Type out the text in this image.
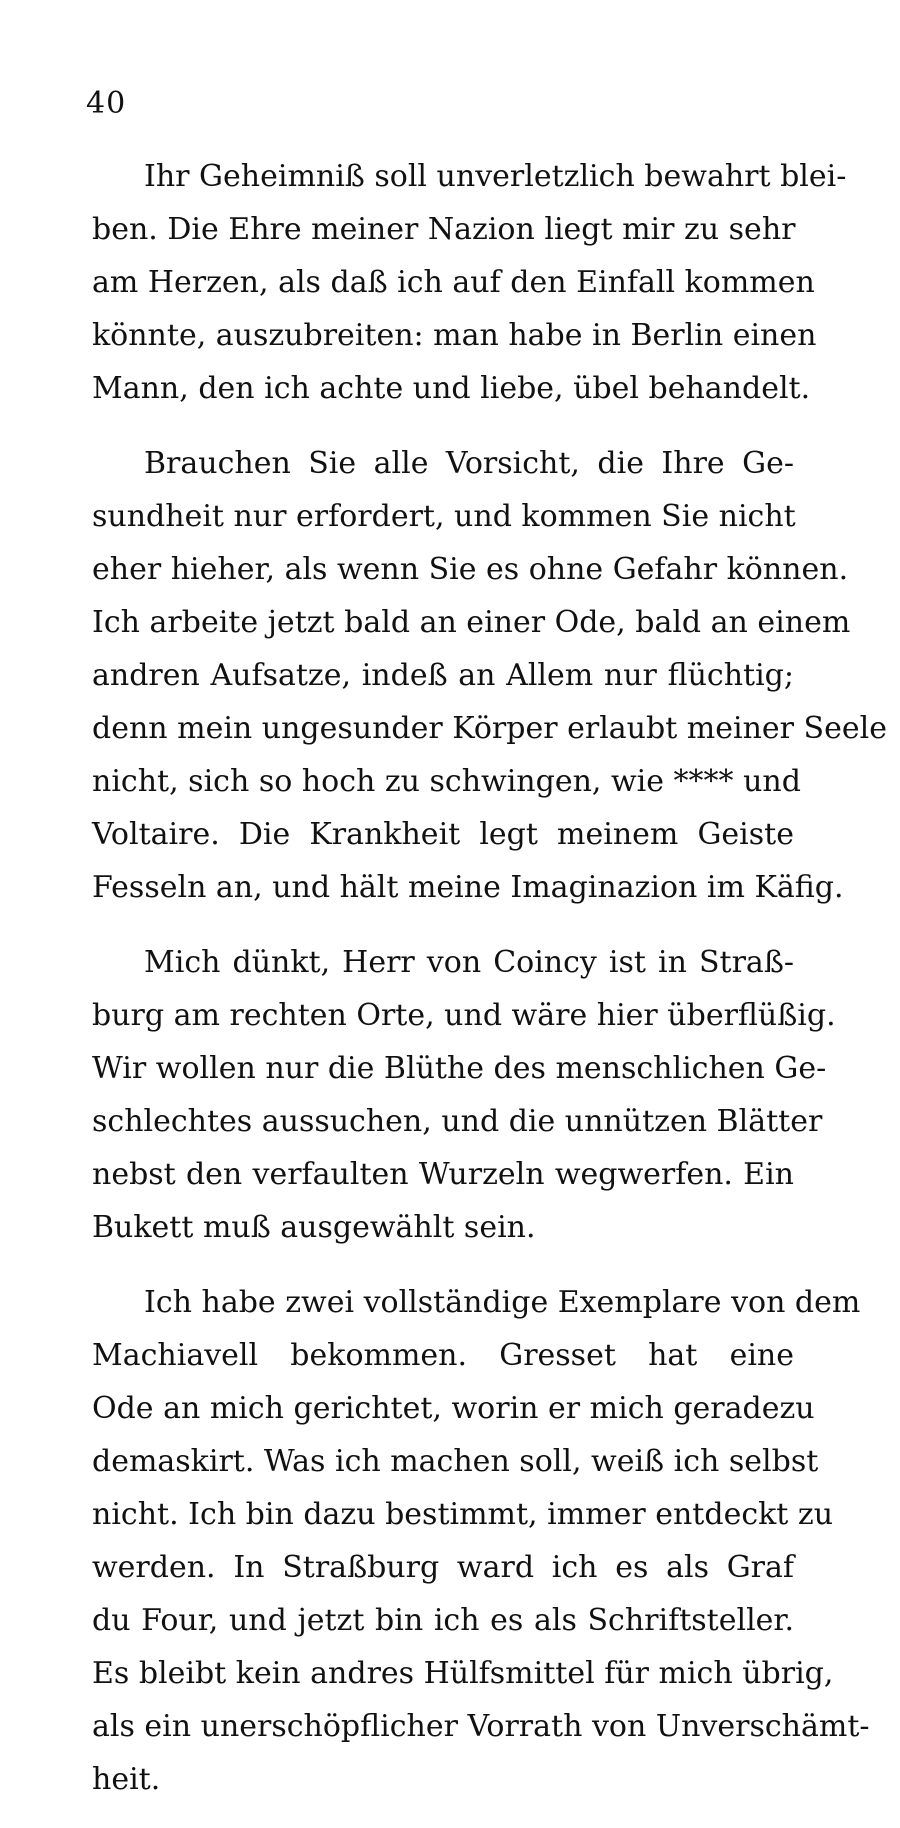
40
Ihr Geheimniß soll unverletzlich bewahrt blei-
ben. Die Ehre meiner Nazion liegt mir zu sehr
am Herzen, als daß ich auf den Einfall kommen
könnte, auszubreiten: man habe in Berlin einen
Mann, den ich achte und liebe, übel behandelt.
Brauchen Sie alle Vorsicht, die Ihre Ge-
sundheit nur erfordert, und kommen Sie nicht
eher hieher, als wenn Sie es ohne Gefahr können.
Ich arbeite jetzt bald an einer Ode, bald an einem
andren Aufsatze, indeß an Allem nur flüchtig;
denn mein ungesunder Körper erlaubt meiner Seele
nicht, sich so hoch zu schwingen, wie **** und
Voltaire. Die Krankheit legt meinem Geiste
Fesseln an, und hält meine Imaginazion im Käfig.
Mich dünkt, Herr von Coincy ist in Straß-
burg am rechten Orte, und wäre hier überflüßig.
Wir wollen nur die Blüthe des menschlichen Ge-
schlechtes aussuchen, und die unnützen Blätter
nebst den verfaulten Wurzeln wegwerfen. Ein
Bukett muß ausgewählt sein.
Ich habe zwei vollständige Exemplare von dem
Machiavell bekommen. Gresset hat eine
Ode an mich gerichtet, worin er mich geradezu
demaskirt. Was ich machen soll, weiß ich selbst
nicht. Ich bin dazu bestimmt, immer entdeckt zu
werden. In Straßburg ward ich es als Graf
du Four, und jetzt bin ich es als Schriftsteller.
Es bleibt kein andres Hülfsmittel für mich übrig,
als ein unerschöpflicher Vorrath von Unverschämt-
heit.
